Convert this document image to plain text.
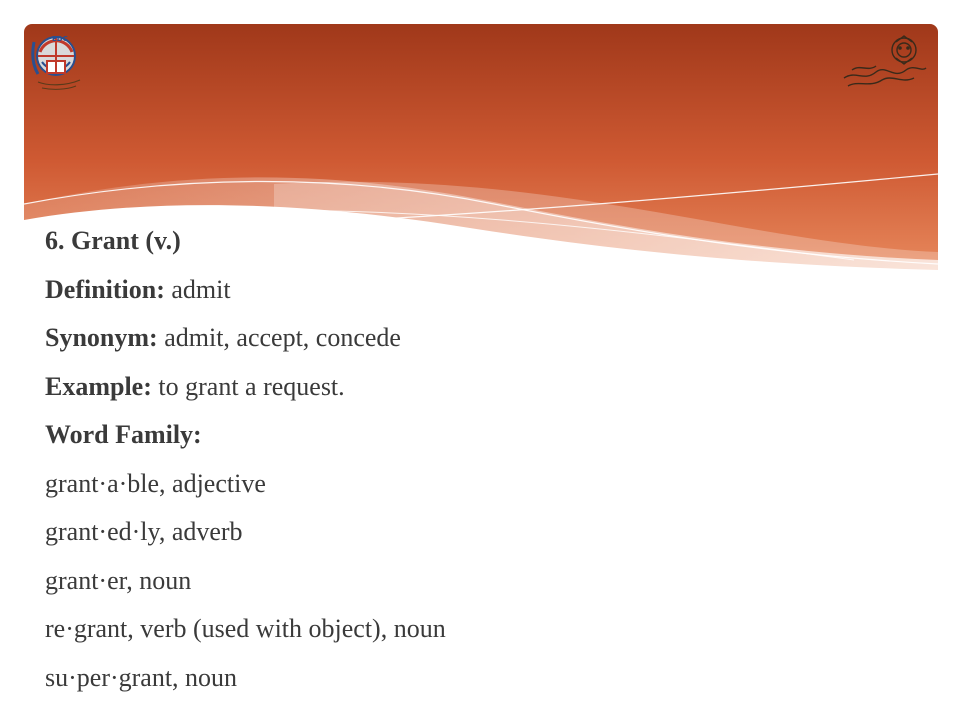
EDC
6. Grant (v.)
Definition: admit
Synonym: admit, accept, concede
Example: to grant a request.
Word Family:
grant·a·ble, adjective
grant·ed·ly, adverb
grant·er, noun
re·grant, verb (used with object), noun
su·per·grant, noun
